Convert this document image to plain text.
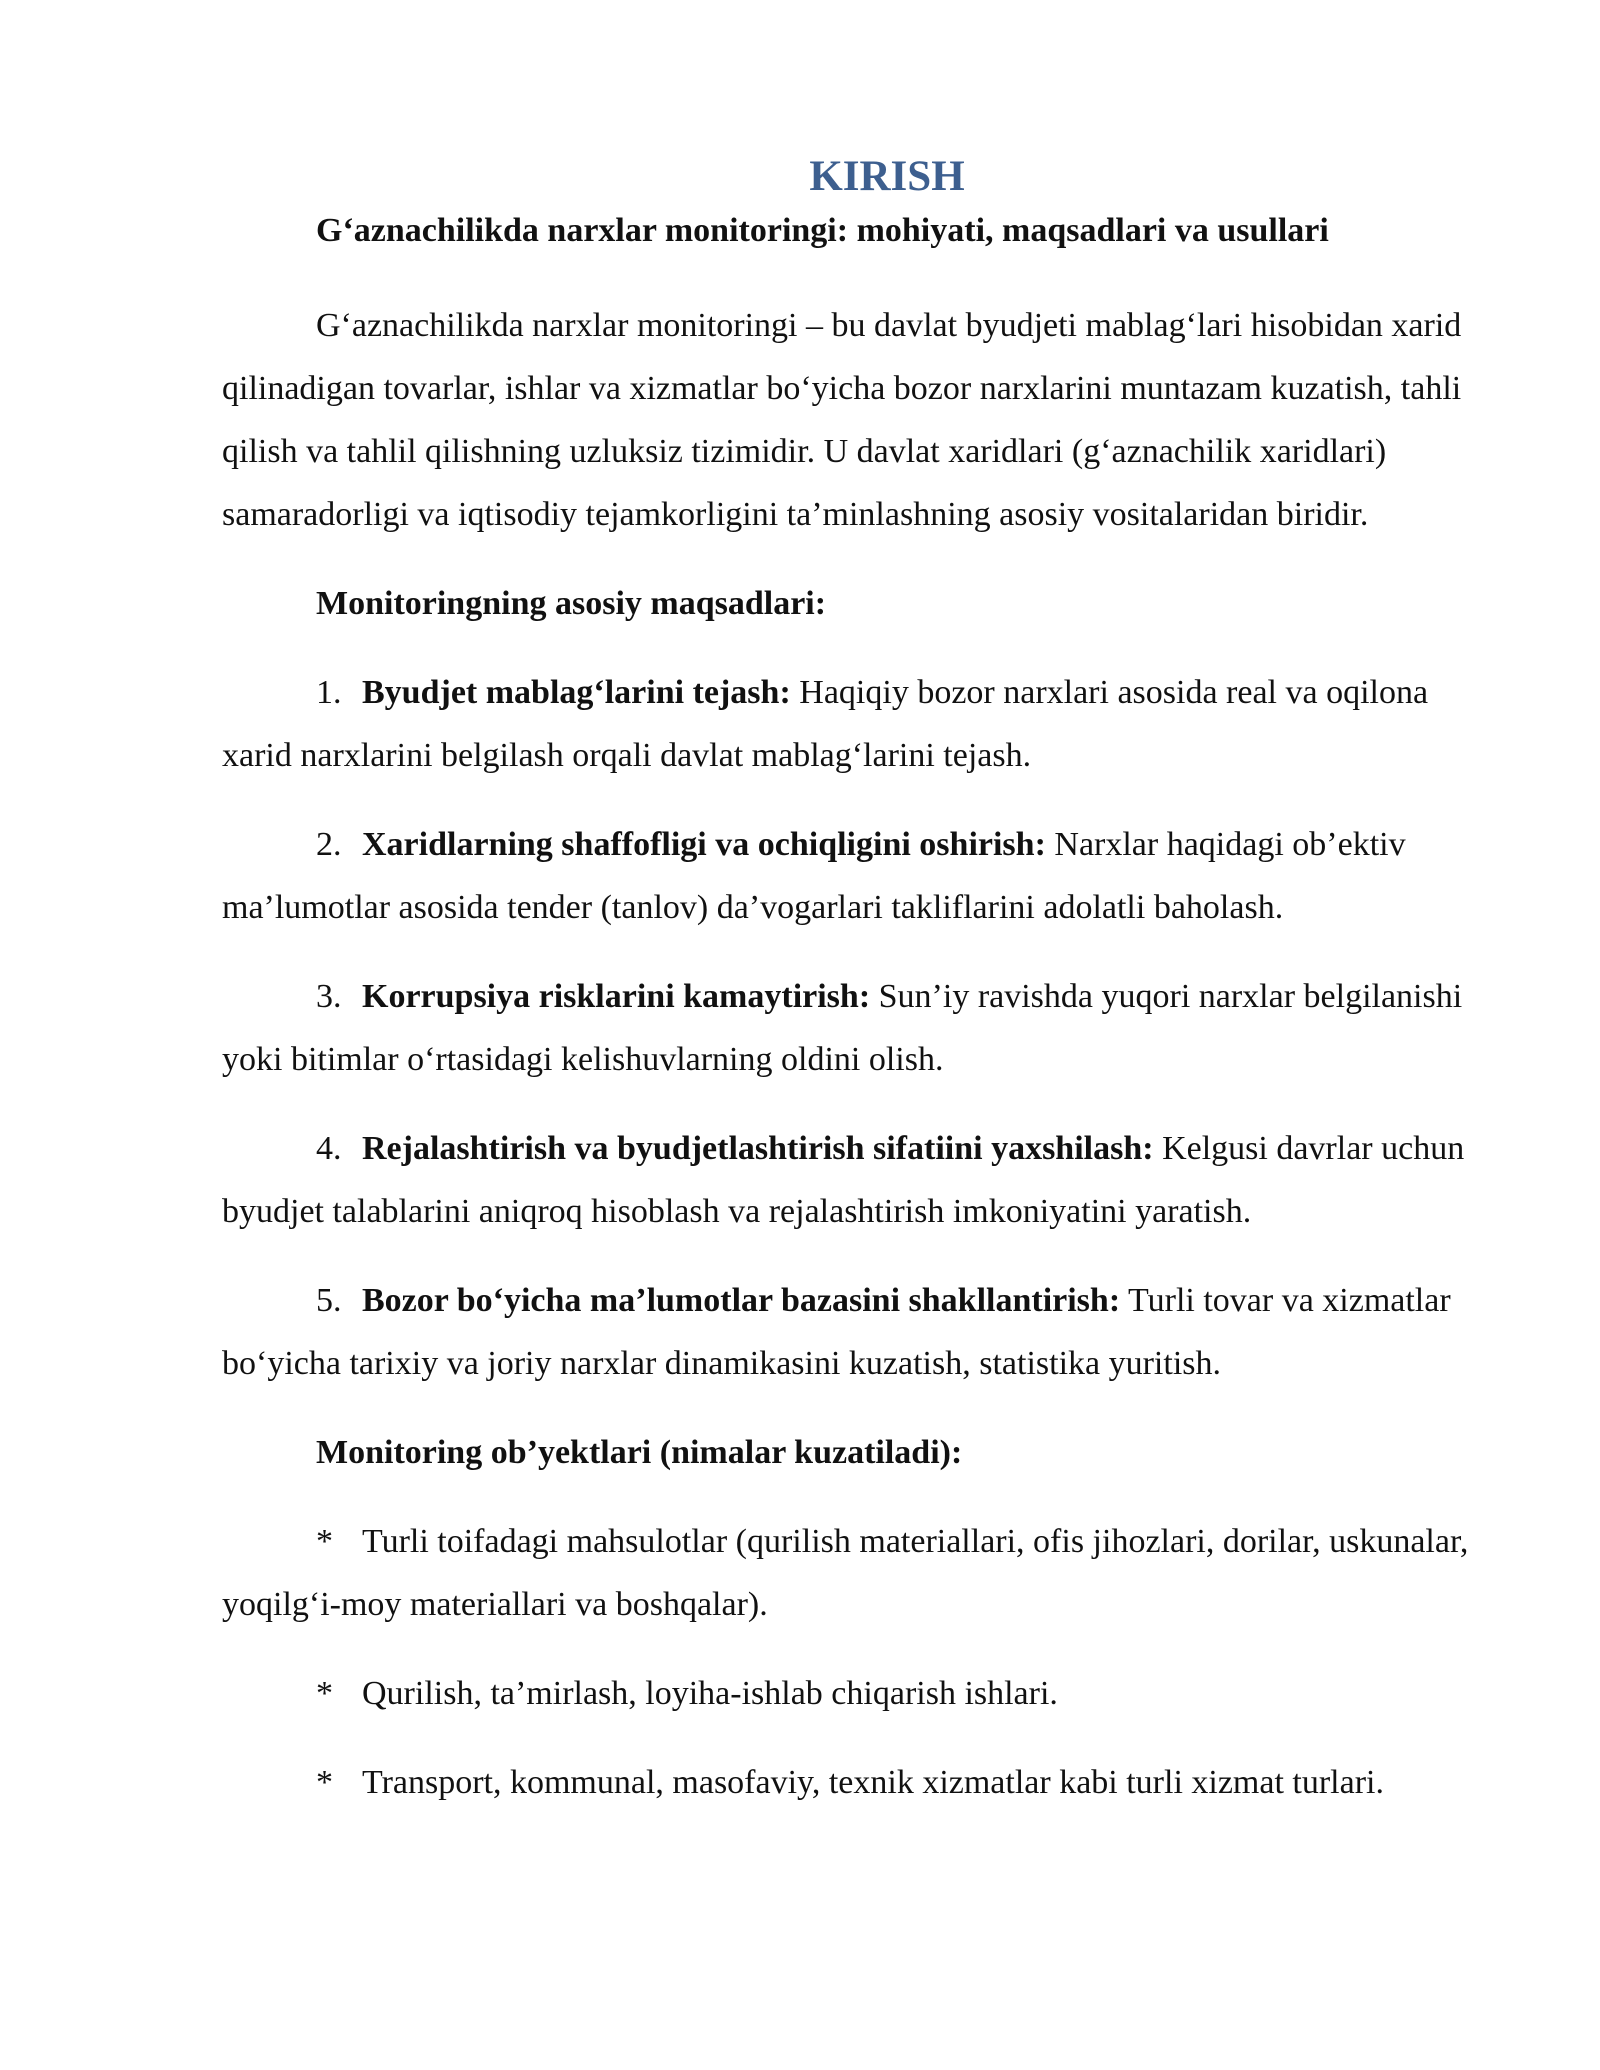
KIRISH
G‘aznachilikda narxlar monitoringi: mohiyati, maqsadlari va usullari

G‘aznachilikda narxlar monitoringi – bu davlat byudjeti mablag‘lari hisobidan xarid qilinadigan tovarlar, ishlar va xizmatlar bo‘yicha bozor narxlarini muntazam kuzatish, tahli qilish va tahlil qilishning uzluksiz tizimidir. U davlat xaridlari (g‘aznachilik xaridlari) samaradorligi va iqtisodiy tejamkorligini ta’minlashning asosiy vositalaridan biridir.

Monitoringning asosiy maqsadlari:

1. Byudjet mablag‘larini tejash: Haqiqiy bozor narxlari asosida real va oqilona xarid narxlarini belgilash orqali davlat mablag‘larini tejash.

2. Xaridlarning shaffofligi va ochiqligini oshirish: Narxlar haqidagi ob’ektiv ma’lumotlar asosida tender (tanlov) da’vogarlari takliflarini adolatli baholash.

3. Korrupsiya risklarini kamaytirish: Sun’iy ravishda yuqori narxlar belgilanishi yoki bitimlar o‘rtasidagi kelishuvlarning oldini olish.

4. Rejalashtirish va byudjetlashtirish sifatiini yaxshilash: Kelgusi davrlar uchun byudjet talablarini aniqroq hisoblash va rejalashtirish imkoniyatini yaratish.

5. Bozor bo‘yicha ma’lumotlar bazasini shakllantirish: Turli tovar va xizmatlar bo‘yicha tarixiy va joriy narxlar dinamikasini kuzatish, statistika yuritish.

Monitoring ob’yektlari (nimalar kuzatiladi):

* Turli toifadagi mahsulotlar (qurilish materiallari, ofis jihozlari, dorilar, uskunalar, yoqilg‘i-moy materiallari va boshqalar).

* Qurilish, ta’mirlash, loyiha-ishlab chiqarish ishlari.

* Transport, kommunal, masofaviy, texnik xizmatlar kabi turli xizmat turlari.
